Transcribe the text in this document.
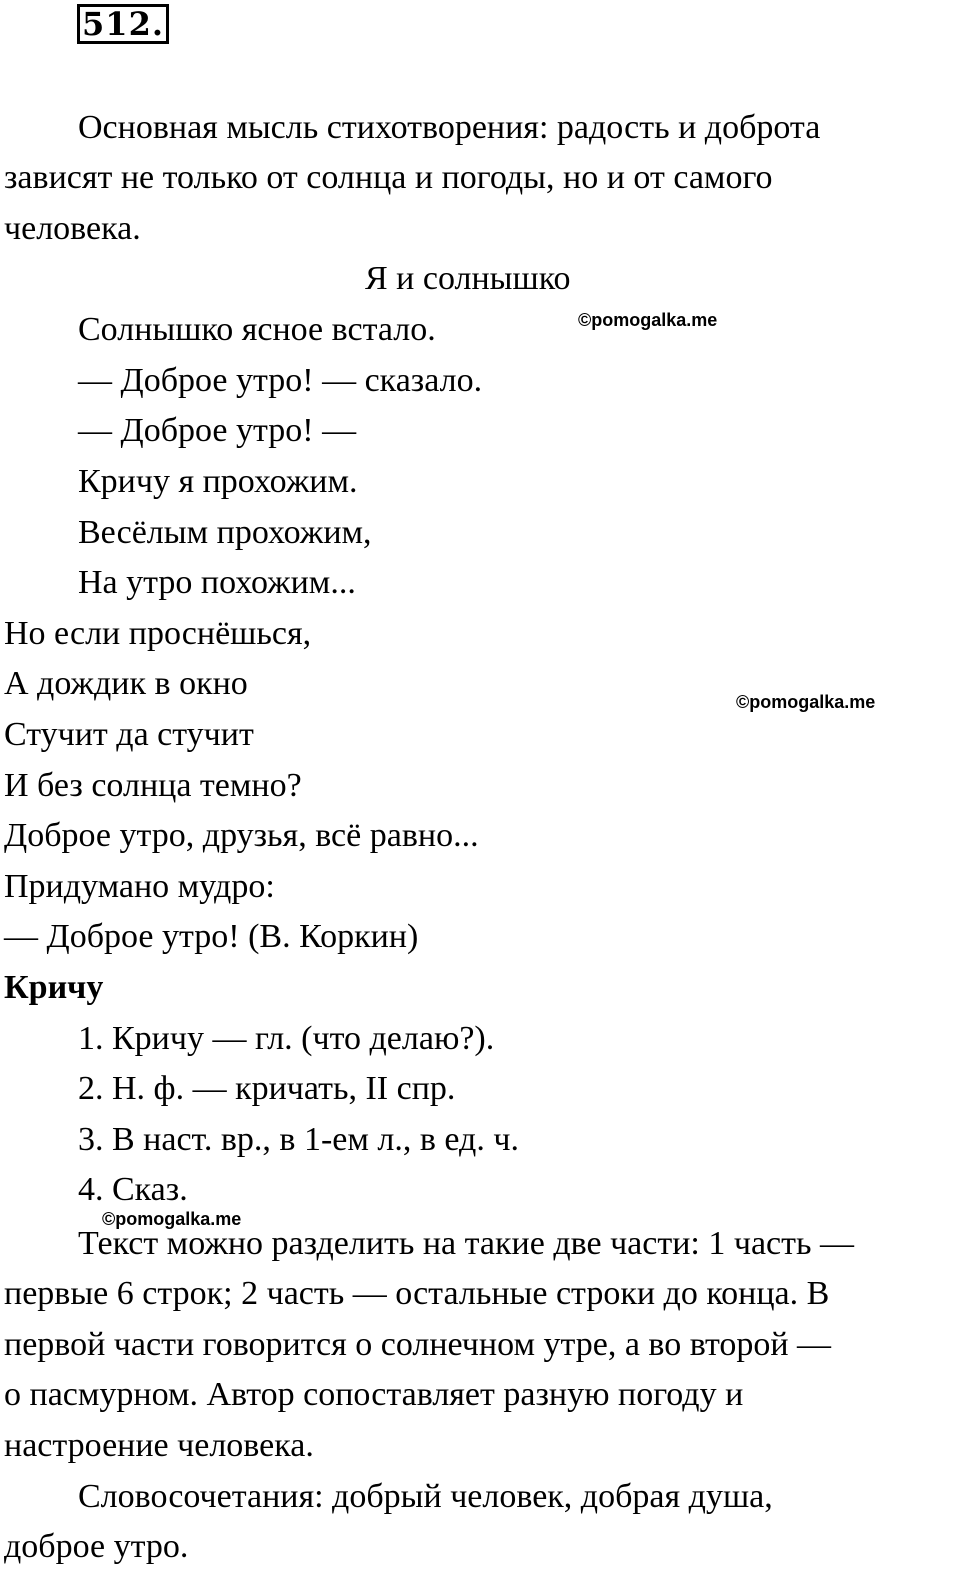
512.

Основная мысль стихотворения: радость и доброта

зависят не только от солнца и погоды, но и от самого

человека.

Я и солнышко

Солнышко ясное встало.

— Доброе утро! — сказало.

— Доброе утро! —

Кричу я прохожим.

Весёлым прохожим,

На утро похожим...

Но если проснёшься,

А дождик в окно

Стучит да стучит

И без солнца темно?

Доброе утро, друзья, всё равно...

Придумано мудро:

— Доброе утро! (В. Коркин)

Кричу

1. Кричу — гл. (что делаю?).

2. Н. ф. — кричать, II спр.

3. В наст. вр., в 1-ем л., в ед. ч.

4. Сказ.

Текст можно разделить на такие две части: 1 часть —

первые 6 строк; 2 часть — остальные строки до конца. В

первой части говорится о солнечном утре, а во второй —

о пасмурном. Автор сопоставляет разную погоду и

настроение человека.

Словосочетания: добрый человек, добрая душа,

доброе утро.

©pomogalka.me
©pomogalka.me
©pomogalka.me
